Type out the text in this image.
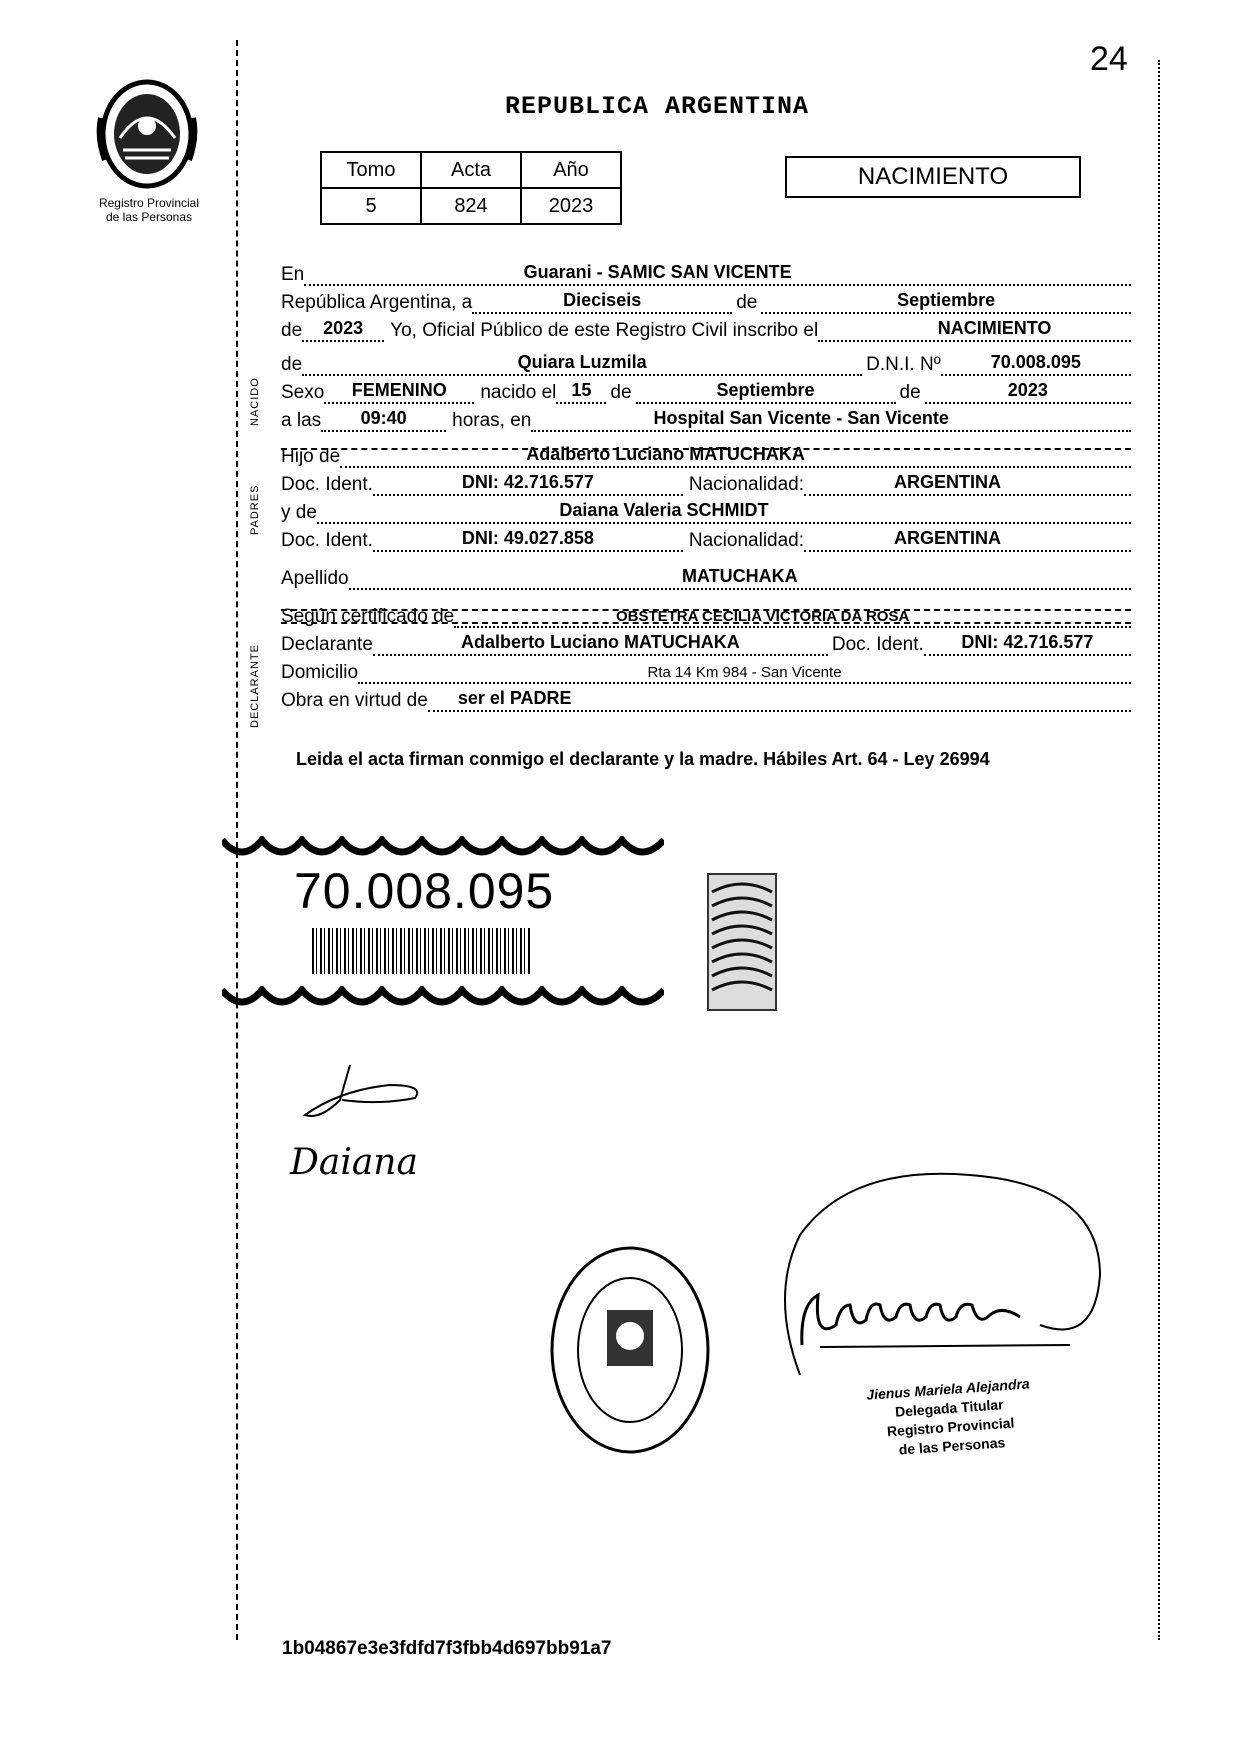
24
Registro Provincial
de las Personas
REPUBLICA ARGENTINA
Tomo	Acta	Año
5	824	2023
NACIMIENTO
NACIDO
PADRES
DECLARANTE
En	Guarani - SAMIC SAN VICENTE
República Argentina, a	Dieciseis	de	Septiembre
de	2023	Yo, Oficial Público de este Registro Civil inscribo el	NACIMIENTO
de	Quiara Luzmila	D.N.I. Nº	70.008.095
Sexo	FEMENINO	nacido el 15 de	Septiembre	de	2023
a las	09:40	horas, en	Hospital San Vicente - San Vicente
Hijo de	Adalberto Luciano MATUCHAKA
Doc. Ident.	DNI: 42.716.577	Nacionalidad:	ARGENTINA
y de	Daiana Valeria SCHMIDT
Doc. Ident.	DNI: 49.027.858	Nacionalidad:	ARGENTINA
Apellido	MATUCHAKA
Según certificado de	OBSTETRA CECILIA VICTORIA DA ROSA
Declarante	Adalberto Luciano MATUCHAKA	Doc. Ident.	DNI: 42.716.577
Domicilio	Rta 14 Km 984 - San Vicente
Obra en virtud de	ser el PADRE
Leida el acta firman conmigo el declarante y la madre. Hábiles Art. 64 - Ley 26994
70.008.095
Daiana
Jienus Mariela Alejandra
Delegada Titular
Registro Provincial
de las Personas
1b04867e3e3fdfd7f3fbb4d697bb91a7
